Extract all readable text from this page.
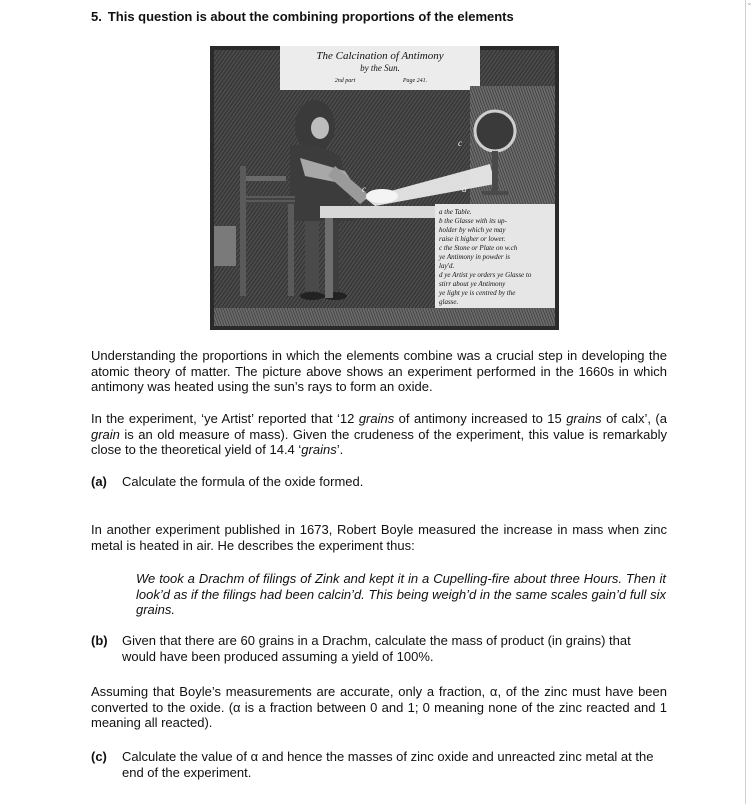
⌄
5. This question is about the combining proportions of the elements
The Calcination of Antimony
by the Sun.
2nd part	Page 241.
c
a
c
a the Table.
b the Glasse with its up-
holder by which ye may
raise it higher or lower.
c the Stone or Plate on w.ch
ye Antimony in powder is
lay'd.
d ye Artist ye orders ye Glasse to
stirr about ye Antimony
ye light ye is centred by the
glasse.

Understanding the proportions in which the elements combine was a crucial step in developing the atomic theory of matter. The picture above shows an experiment performed in the 1660s in which antimony was heated using the sun’s rays to form an oxide.

In the experiment, ‘ye Artist’ reported that ‘12 grains of antimony increased to 15 grains of calx’, (a grain is an old measure of mass). Given the crudeness of the experiment, this value is remarkably close to the theoretical yield of 14.4 ‘grains’.

(a) Calculate the formula of the oxide formed.

In another experiment published in 1673, Robert Boyle measured the increase in mass when zinc metal is heated in air. He describes the experiment thus:

We took a Drachm of filings of Zink and kept it in a Cupelling-fire about three Hours. Then it look’d as if the filings had been calcin’d. This being weigh’d in the same scales gain’d full six grains.

(b) Given that there are 60 grains in a Drachm, calculate the mass of product (in grains) that would have been produced assuming a yield of 100%.

Assuming that Boyle’s measurements are accurate, only a fraction, α, of the zinc must have been converted to the oxide. (α is a fraction between 0 and 1; 0 meaning none of the zinc reacted and 1 meaning all reacted).

(c) Calculate the value of α and hence the masses of zinc oxide and unreacted zinc metal at the end of the experiment.
